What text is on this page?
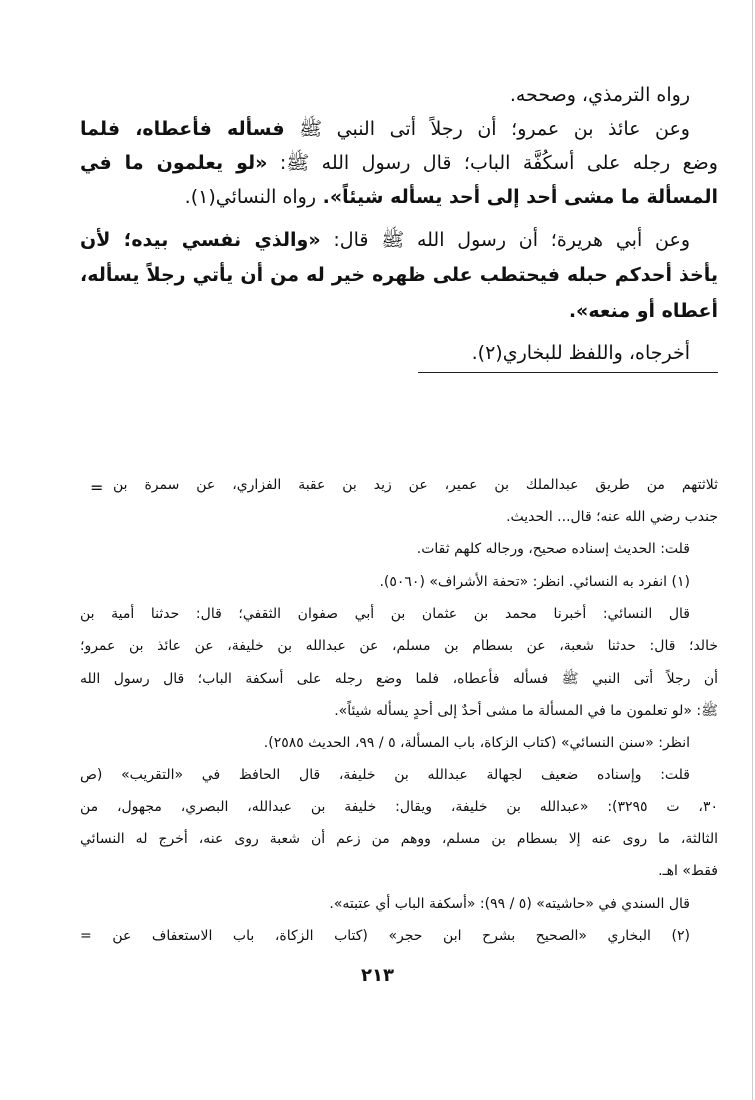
رواه الترمذي، وصححه.
وعن عائذ بن عمرو؛ أن رجلاً أتى النبي ﷺ فسأله فأعطاه، فلما
وضع رجله على أسكُفَّة الباب؛ قال رسول الله ﷺ: «لو يعلمون ما في
المسألة ما مشى أحد إلى أحد يسأله شيئاً». رواه النسائي(١).
وعن أبي هريرة؛ أن رسول الله ﷺ قال: «والذي نفسي بيده؛ لأن
يأخذ أحدكم حبله فيحتطب على ظهره خير له من أن يأتي رجلاً يسأله،
أعطاه أو منعه».
أخرجاه، واللفظ للبخاري(٢).
= ثلاثتهم من طريق عبدالملك بن عمير، عن زيد بن عقبة الفزاري، عن سمرة بن
جندب رضي الله عنه؛ قال... الحديث.
قلت: الحديث إسناده صحيح، ورجاله كلهم ثقات.
(١) انفرد به النسائي. انظر: «تحفة الأشراف» (٥٠٦٠).
قال النسائي: أخبرنا محمد بن عثمان بن أبي صفوان الثقفي؛ قال: حدثنا أمية بن
خالد؛ قال: حدثنا شعبة، عن بسطام بن مسلم، عن عبدالله بن خليفة، عن عائذ بن عمرو؛
أن رجلاً أتى النبي ﷺ فسأله فأعطاه، فلما وضع رجله على أسكفة الباب؛ قال رسول الله
ﷺ: «لو تعلمون ما في المسألة ما مشى أحدٌ إلى أحدٍ يسأله شيئاً».
انظر: «سنن النسائي» (كتاب الزكاة، باب المسألة، ٥ / ٩٩، الحديث ٢٥٨٥).
قلت: وإسناده ضعيف لجهالة عبدالله بن خليفة، قال الحافظ في «التقريب» (ص
٣٠، ت ٣٢٩٥): «عبدالله بن خليفة، ويقال: خليفة بن عبدالله، البصري، مجهول، من
الثالثة، ما روى عنه إلا بسطام بن مسلم، ووهم من زعم أن شعبة روى عنه، أخرج له النسائي
فقط» اهـ.
قال السندي في «حاشيته» (٥ / ٩٩): «أسكفة الباب أي عتبته».
(٢) البخاري «الصحيح بشرح ابن حجر» (كتاب الزكاة، باب الاستعفاف عن =
٢١٣
